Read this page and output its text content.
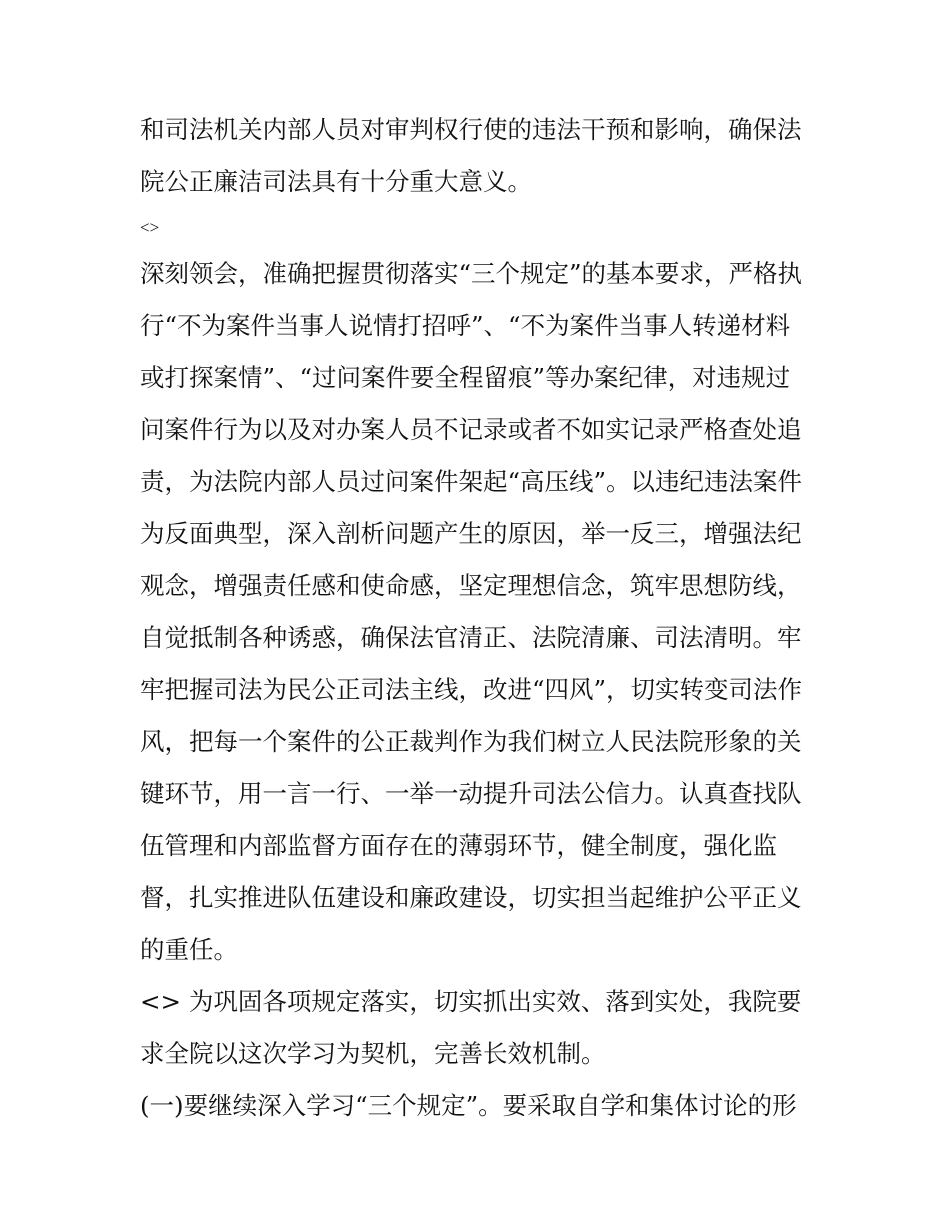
和司法机关内部人员对审判权行使的违法干预和影响，确保法
院公正廉洁司法具有十分重大意义。
<>
深刻领会，准确把握贯彻落实“三个规定”的基本要求，严格执
行“不为案件当事人说情打招呼”、“不为案件当事人转递材料
或打探案情”、“过问案件要全程留痕”等办案纪律，对违规过
问案件行为以及对办案人员不记录或者不如实记录严格查处追
责，为法院内部人员过问案件架起“高压线”。以违纪违法案件
为反面典型，深入剖析问题产生的原因，举一反三，增强法纪
观念，增强责任感和使命感，坚定理想信念，筑牢思想防线，
自觉抵制各种诱惑，确保法官清正、法院清廉、司法清明。牢
牢把握司法为民公正司法主线，改进“四风”，切实转变司法作
风，把每一个案件的公正裁判作为我们树立人民法院形象的关
键环节，用一言一行、一举一动提升司法公信力。认真查找队
伍管理和内部监督方面存在的薄弱环节，健全制度，强化监
督，扎实推进队伍建设和廉政建设，切实担当起维护公平正义
的重任。
<> 为巩固各项规定落实，切实抓出实效、落到实处，我院要
求全院以这次学习为契机，完善长效机制。
(一)要继续深入学习“三个规定”。要采取自学和集体讨论的形
